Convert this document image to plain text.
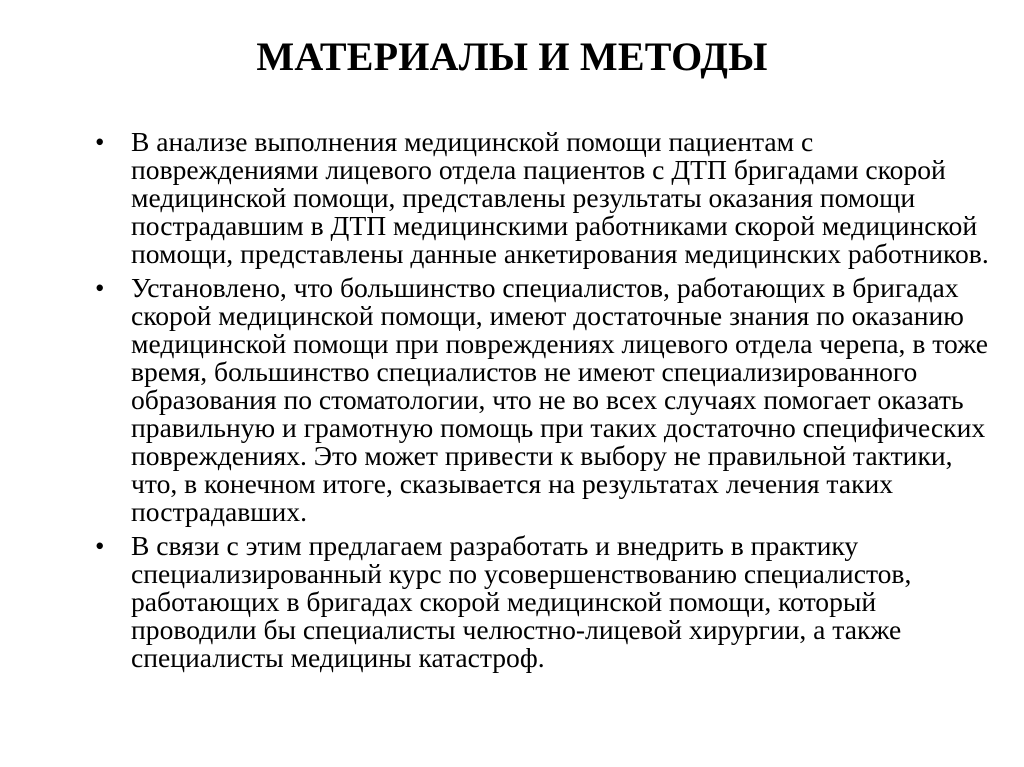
МАТЕРИАЛЫ И МЕТОДЫ
• В анализе выполнения медицинской помощи пациентам с повреждениями лицевого отдела пациентов с ДТП бригадами скорой медицинской помощи, представлены результаты оказания помощи пострадавшим в ДТП медицинскими работниками скорой медицинской помощи, представлены данные анкетирования медицинских работников.
• Установлено, что большинство специалистов, работающих в бригадах скорой медицинской помощи, имеют достаточные знания по оказанию медицинской помощи при повреждениях лицевого отдела черепа, в тоже время, большинство специалистов не имеют специализированного образования по стоматологии, что не во всех случаях помогает оказать правильную и грамотную помощь при таких достаточно специфических повреждениях. Это может привести к выбору не правильной тактики, что, в конечном итоге, сказывается на результатах лечения таких пострадавших.
• В связи с этим предлагаем разработать и внедрить в практику специализированный курс по усовершенствованию специалистов, работающих в бригадах скорой медицинской помощи, который проводили бы специалисты челюстно-лицевой хирургии, а также специалисты медицины катастроф.
